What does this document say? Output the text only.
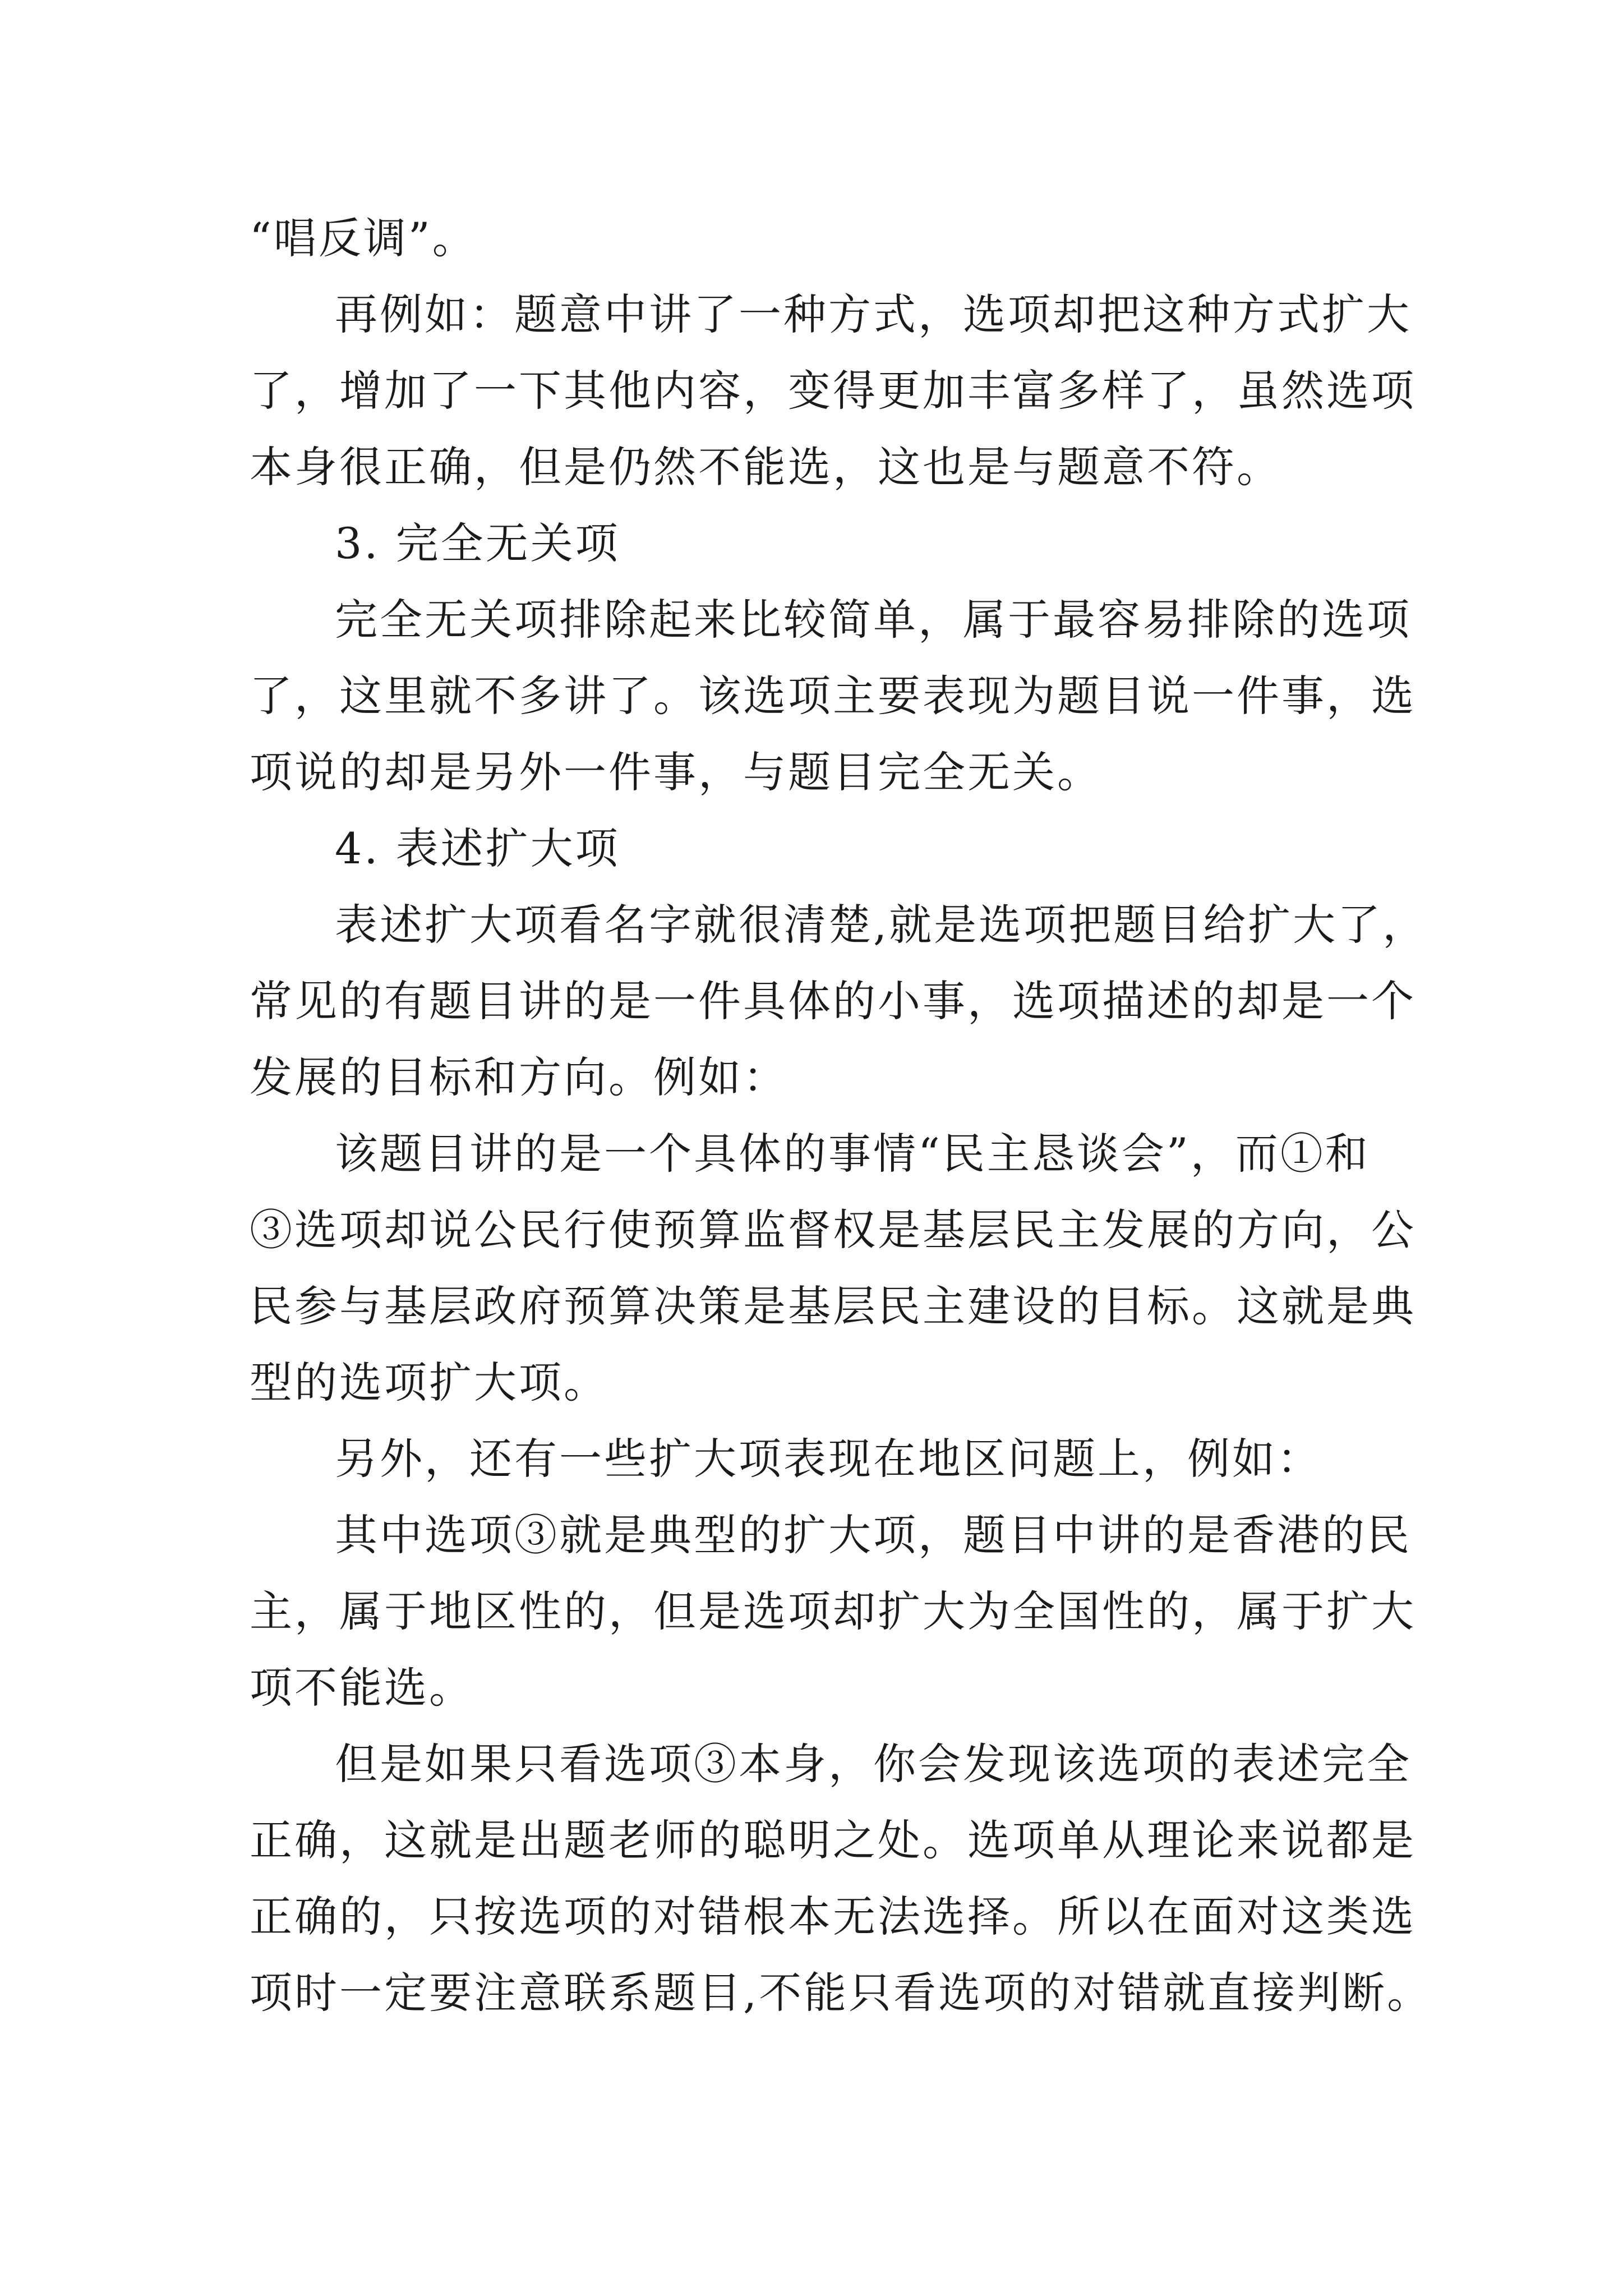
“唱反调”。
再例如：题意中讲了一种方式，选项却把这种方式扩大
了，增加了一下其他内容，变得更加丰富多样了，虽然选项
本身很正确，但是仍然不能选，这也是与题意不符。
3. 完全无关项
完全无关项排除起来比较简单，属于最容易排除的选项
了，这里就不多讲了。该选项主要表现为题目说一件事，选
项说的却是另外一件事，与题目完全无关。
4. 表述扩大项
表述扩大项看名字就很清楚,就是选项把题目给扩大了，
常见的有题目讲的是一件具体的小事，选项描述的却是一个
发展的目标和方向。例如：
该题目讲的是一个具体的事情“民主恳谈会”，而①和
③选项却说公民行使预算监督权是基层民主发展的方向，公
民参与基层政府预算决策是基层民主建设的目标。这就是典
型的选项扩大项。
另外，还有一些扩大项表现在地区问题上，例如：
其中选项③就是典型的扩大项，题目中讲的是香港的民
主，属于地区性的，但是选项却扩大为全国性的，属于扩大
项不能选。
但是如果只看选项③本身，你会发现该选项的表述完全
正确，这就是出题老师的聪明之处。选项单从理论来说都是
正确的，只按选项的对错根本无法选择。所以在面对这类选
项时一定要注意联系题目,不能只看选项的对错就直接判断。
